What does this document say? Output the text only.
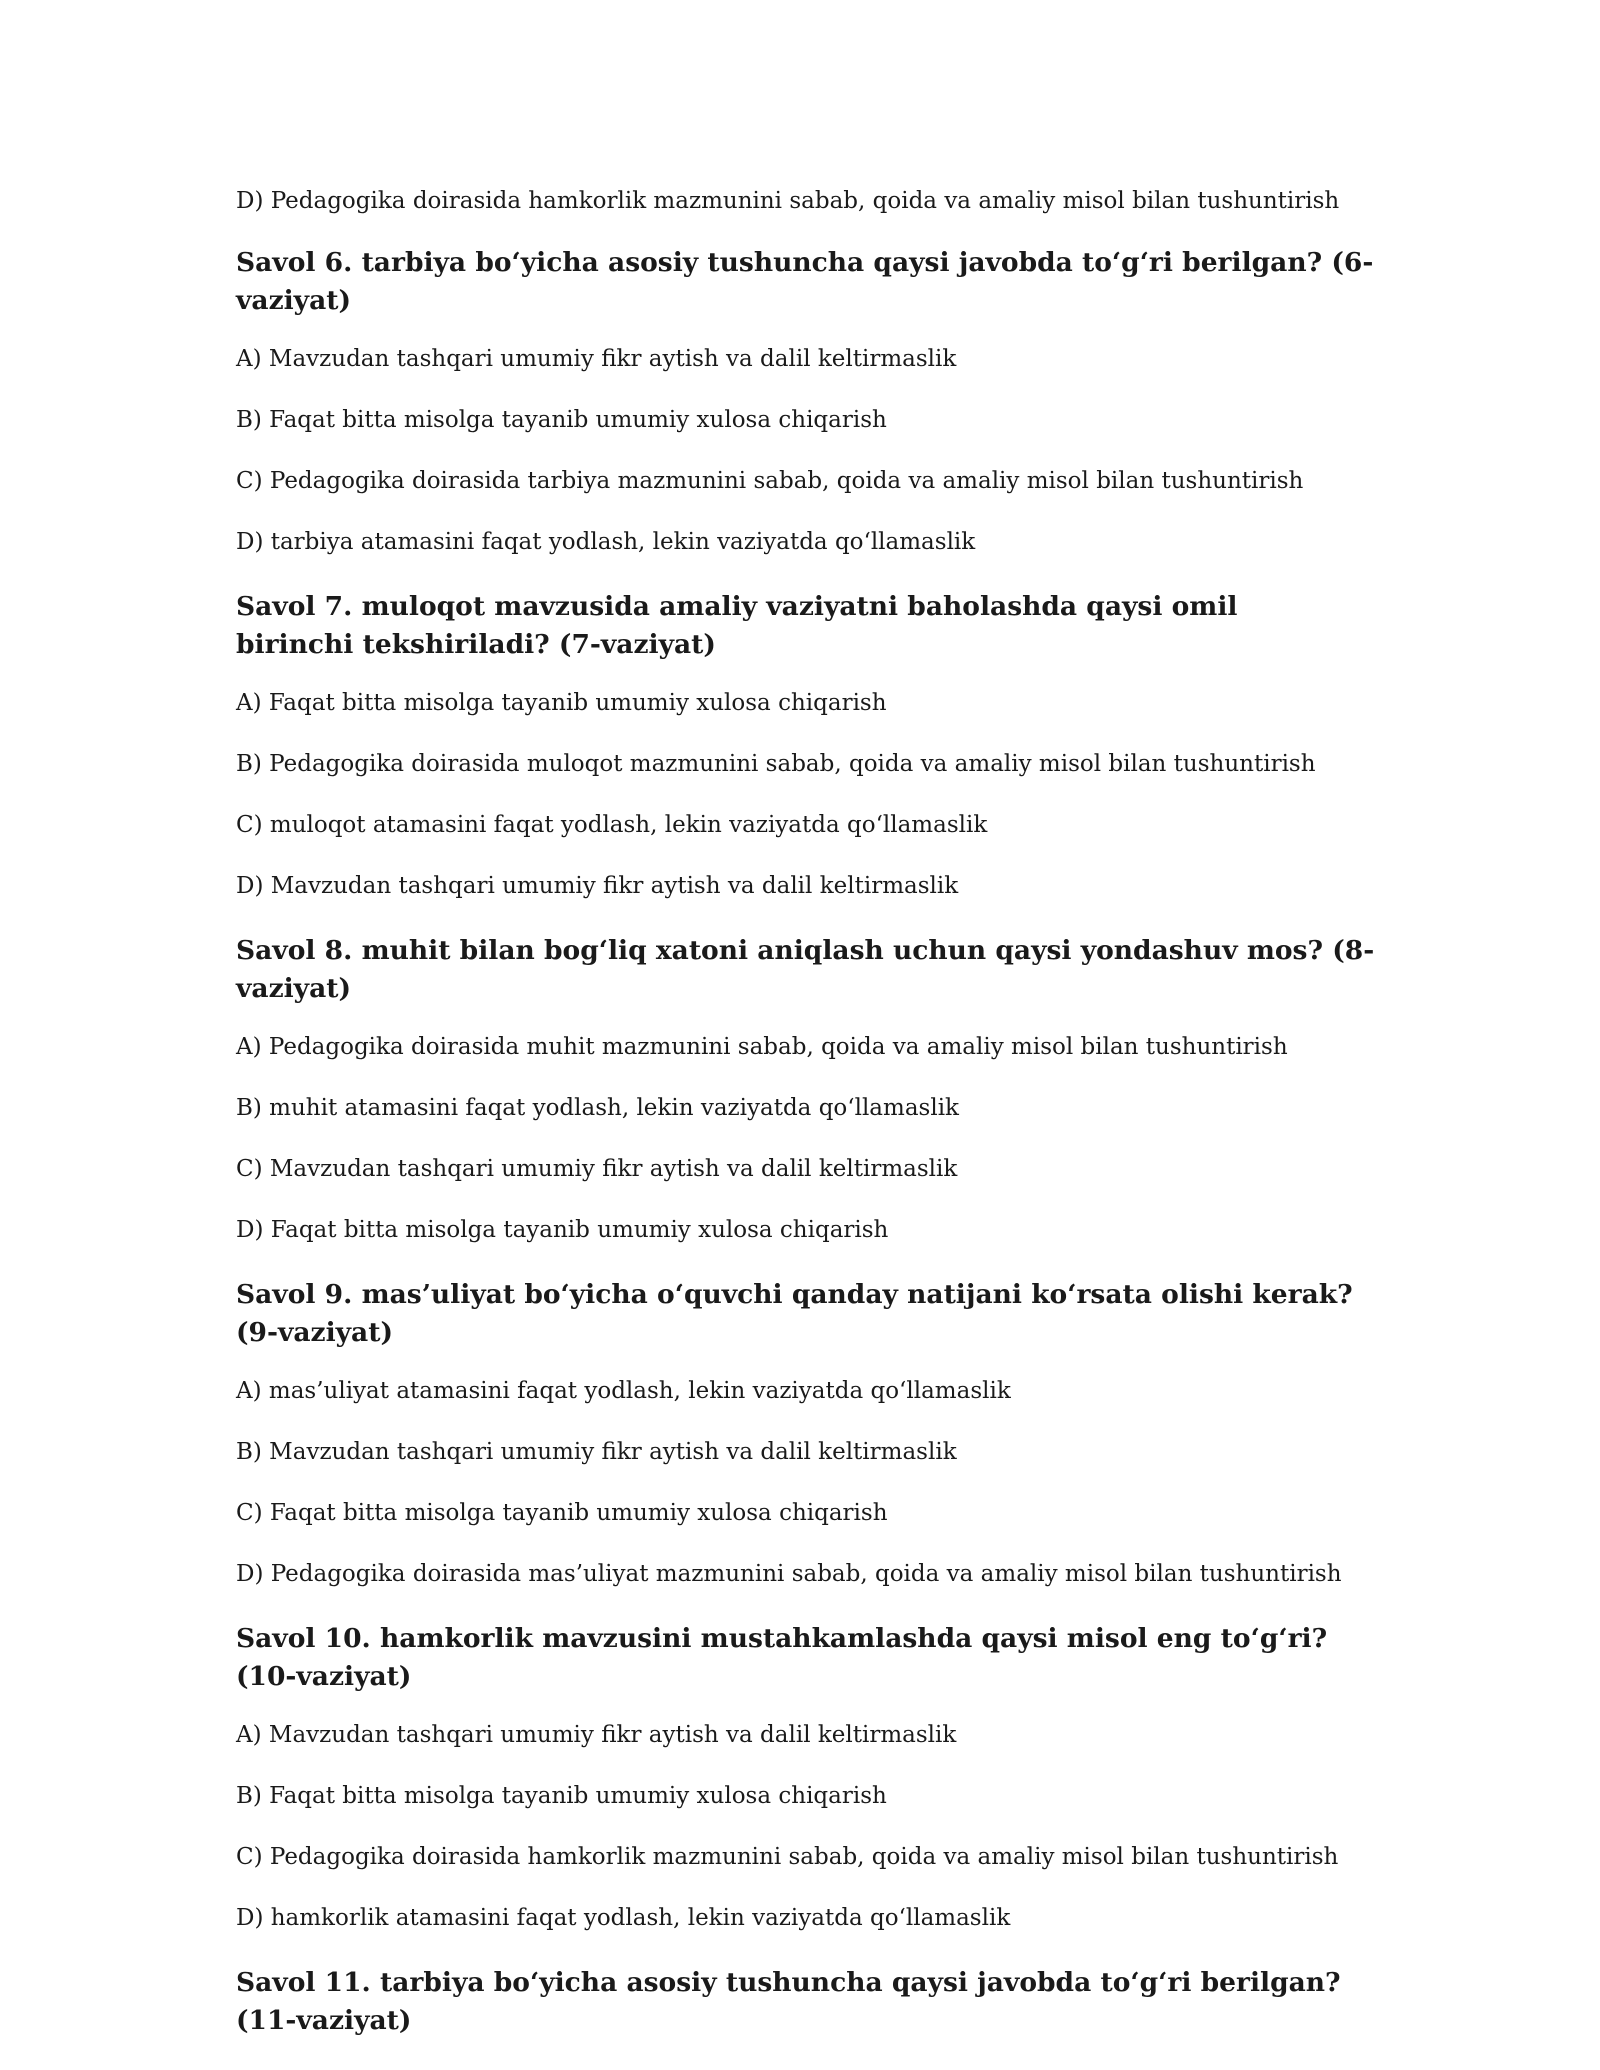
D) Pedagogika doirasida hamkorlik mazmunini sabab, qoida va amaliy misol bilan tushuntirish

Savol 6. tarbiya bo‘yicha asosiy tushuncha qaysi javobda to‘g‘ri berilgan? (6-vaziyat)

A) Mavzudan tashqari umumiy fikr aytish va dalil keltirmaslik

B) Faqat bitta misolga tayanib umumiy xulosa chiqarish

C) Pedagogika doirasida tarbiya mazmunini sabab, qoida va amaliy misol bilan tushuntirish

D) tarbiya atamasini faqat yodlash, lekin vaziyatda qo‘llamaslik

Savol 7. muloqot mavzusida amaliy vaziyatni baholashda qaysi omil birinchi tekshiriladi? (7-vaziyat)

A) Faqat bitta misolga tayanib umumiy xulosa chiqarish

B) Pedagogika doirasida muloqot mazmunini sabab, qoida va amaliy misol bilan tushuntirish

C) muloqot atamasini faqat yodlash, lekin vaziyatda qo‘llamaslik

D) Mavzudan tashqari umumiy fikr aytish va dalil keltirmaslik

Savol 8. muhit bilan bog‘liq xatoni aniqlash uchun qaysi yondashuv mos? (8-vaziyat)

A) Pedagogika doirasida muhit mazmunini sabab, qoida va amaliy misol bilan tushuntirish

B) muhit atamasini faqat yodlash, lekin vaziyatda qo‘llamaslik

C) Mavzudan tashqari umumiy fikr aytish va dalil keltirmaslik

D) Faqat bitta misolga tayanib umumiy xulosa chiqarish

Savol 9. mas’uliyat bo‘yicha o‘quvchi qanday natijani ko‘rsata olishi kerak? (9-vaziyat)

A) mas’uliyat atamasini faqat yodlash, lekin vaziyatda qo‘llamaslik

B) Mavzudan tashqari umumiy fikr aytish va dalil keltirmaslik

C) Faqat bitta misolga tayanib umumiy xulosa chiqarish

D) Pedagogika doirasida mas’uliyat mazmunini sabab, qoida va amaliy misol bilan tushuntirish

Savol 10. hamkorlik mavzusini mustahkamlashda qaysi misol eng to‘g‘ri? (10-vaziyat)

A) Mavzudan tashqari umumiy fikr aytish va dalil keltirmaslik

B) Faqat bitta misolga tayanib umumiy xulosa chiqarish

C) Pedagogika doirasida hamkorlik mazmunini sabab, qoida va amaliy misol bilan tushuntirish

D) hamkorlik atamasini faqat yodlash, lekin vaziyatda qo‘llamaslik

Savol 11. tarbiya bo‘yicha asosiy tushuncha qaysi javobda to‘g‘ri berilgan? (11-vaziyat)
